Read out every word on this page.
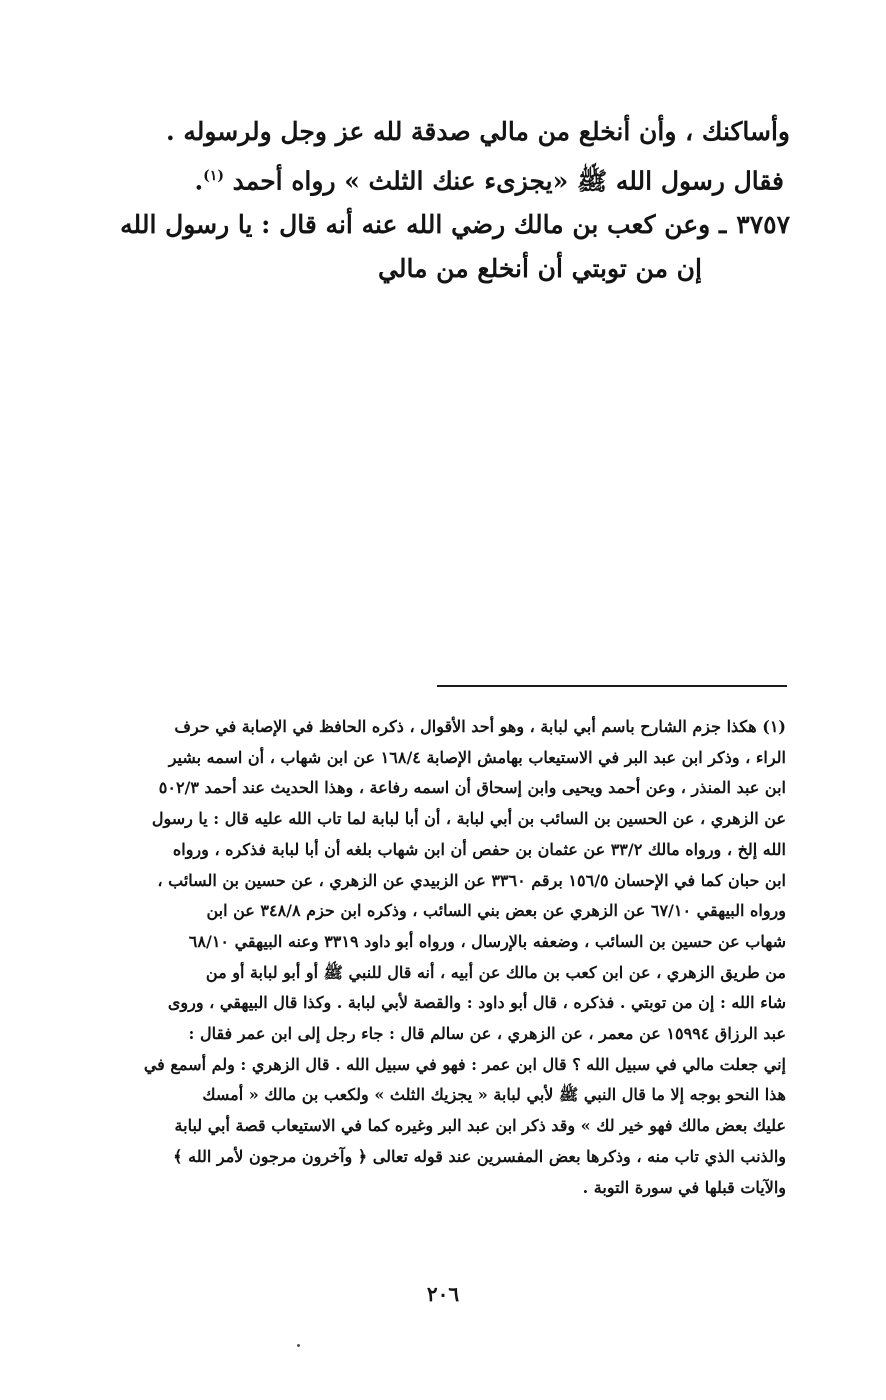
وأساكنك ، وأن أنخلع من مالي صدقة لله عز وجل ولرسوله .
فقال رسول الله ﷺ «يجزىء عنك الثلث » رواه أحمد $^{(١)}$.
٣٧٥٧ـ وعن كعب بن مالك رضي الله عنه أنه قال : يا رسول الله
إن من توبتي أن أنخلع من مالي
(١) هكذا جزم الشارح باسم أبي لبابة ، وهو أحد الأقوال ، ذكره الحافظ في الإصابة في حرف
الراء ، وذكر ابن عبد البر في الاستيعاب بهامش الإصابة ١٦٨/٤ عن ابن شهاب ، أن اسمه بشير
ابن عبد المنذر ، وعن أحمد ويحيى وابن إسحاق أن اسمه رفاعة ، وهذا الحديث عند أحمد ٥٠٢/٣
عن الزهري ، عن الحسين بن السائب بن أبي لبابة ، أن أبا لبابة لما تاب الله عليه قال : يا رسول
الله إلخ ، ورواه مالك ٣٣/٢ عن عثمان بن حفص أن ابن شهاب بلغه أن أبا لبابة فذكره ، ورواه
ابن حبان كما في الإحسان ١٥٦/٥ برقم ٣٣٦٠ عن الزبيدي عن الزهري ، عن حسين بن السائب ،
ورواه البيهقي ٦٧/١٠ عن الزهري عن بعض بني السائب ، وذكره ابن حزم ٣٤٨/٨ عن ابن
شهاب عن حسين بن السائب ، وضعفه بالإرسال ، ورواه أبو داود ٣٣١٩ وعنه البيهقي ٦٨/١٠
من طريق الزهري ، عن ابن كعب بن مالك عن أبيه ، أنه قال للنبي ﷺ أو أبو لبابة أو من
شاء الله : إن من توبتي . فذكره ، قال أبو داود : والقصة لأبي لبابة . وكذا قال البيهقي ، وروى
عبد الرزاق ١٥٩٩٤ عن معمر ، عن الزهري ، عن سالم قال : جاء رجل إلى ابن عمر فقال :
إني جعلت مالي في سبيل الله ؟ قال ابن عمر : فهو في سبيل الله . قال الزهري : ولم أسمع في
هذا النحو بوجه إلا ما قال النبي ﷺ لأبي لبابة « يجزيك الثلث » ولكعب بن مالك « أمسك
عليك بعض مالك فهو خير لك » وقد ذكر ابن عبد البر وغيره كما في الاستيعاب قصة أبي لبابة
والذنب الذي تاب منه ، وذكرها بعض المفسرين عند قوله تعالى ﴿ وآخرون مرجون لأمر الله ﴾
والآيات قبلها في سورة التوبة .
٢٠٦
